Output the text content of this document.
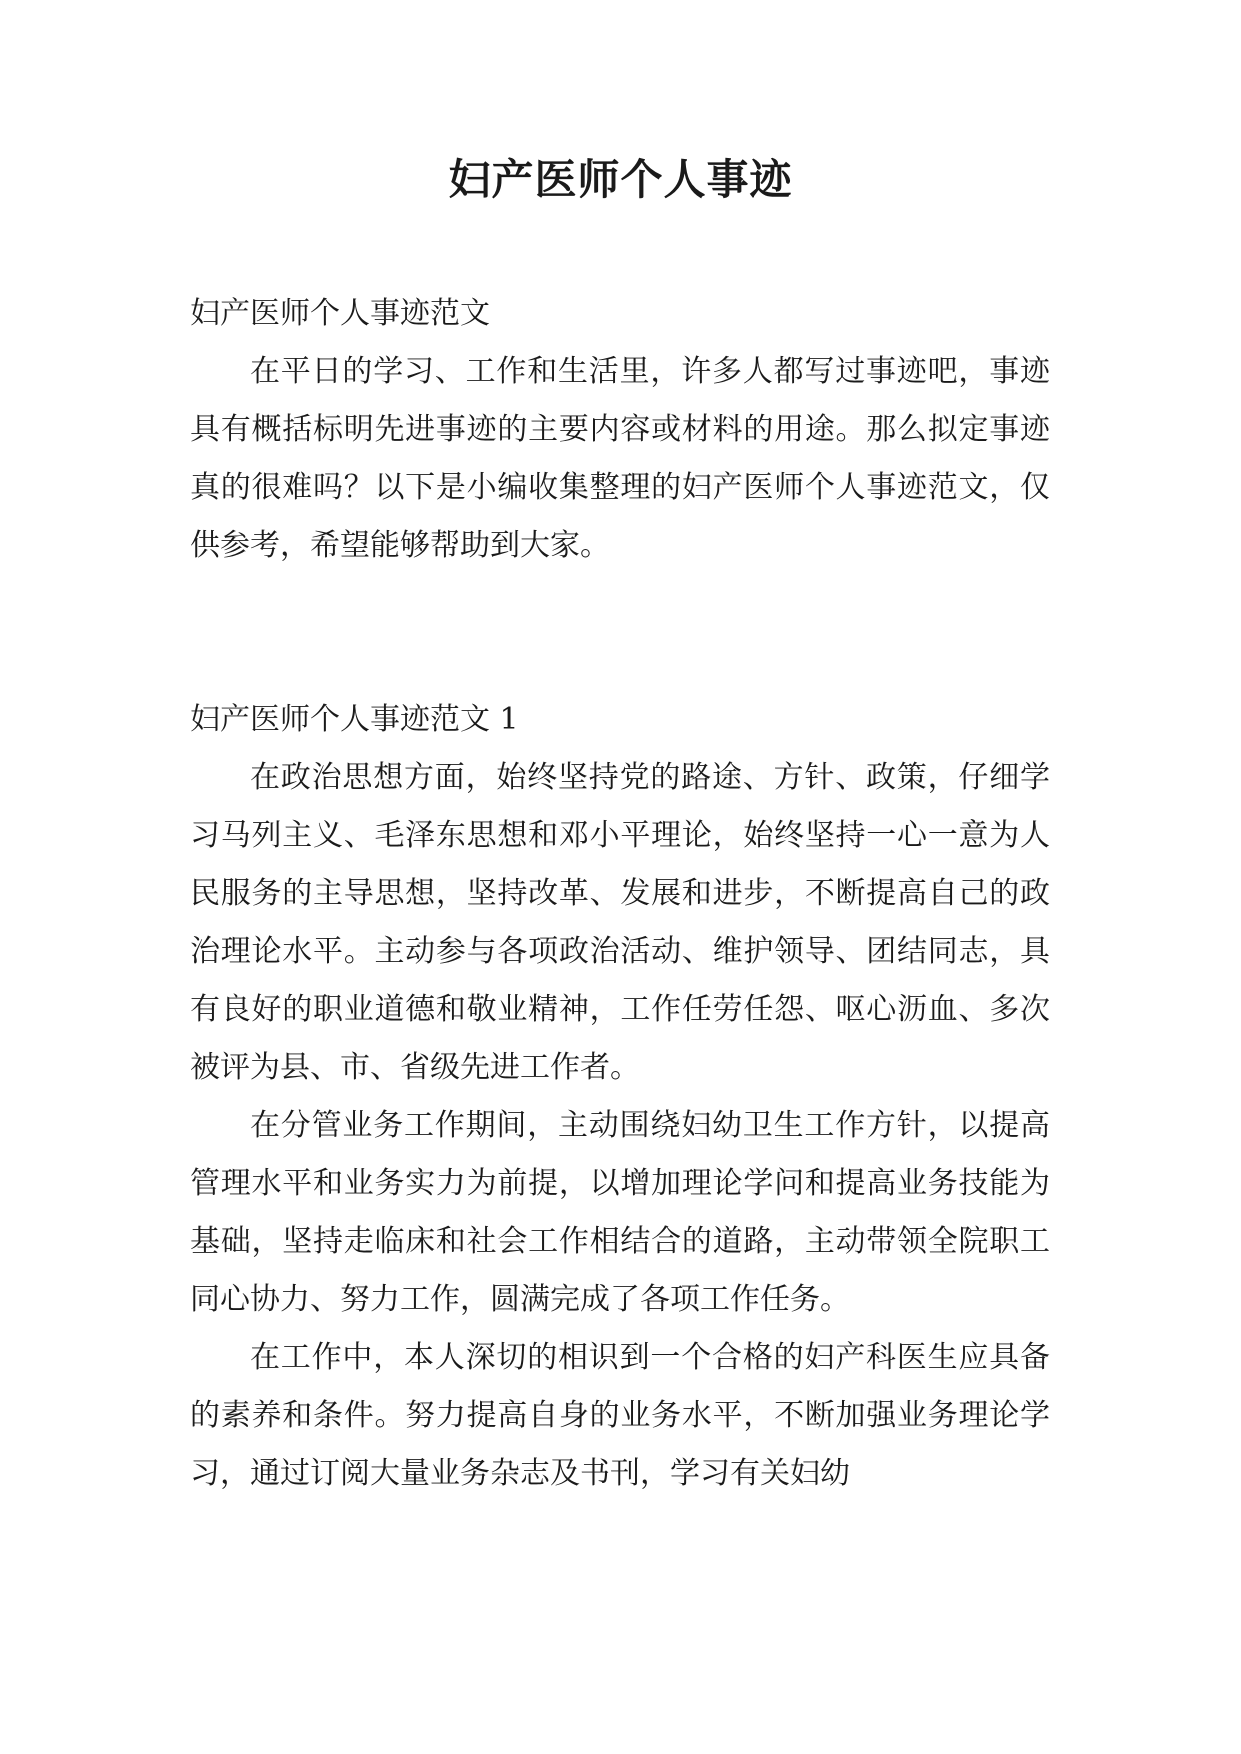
妇产医师个人事迹

妇产医师个人事迹范文

在平日的学习、工作和生活里，许多人都写过事迹吧，事迹具有概括标明先进事迹的主要内容或材料的用途。那么拟定事迹真的很难吗？以下是小编收集整理的妇产医师个人事迹范文，仅供参考，希望能够帮助到大家。

妇产医师个人事迹范文 1

在政治思想方面，始终坚持党的路途、方针、政策，仔细学习马列主义、毛泽东思想和邓小平理论，始终坚持一心一意为人民服务的主导思想，坚持改革、发展和进步，不断提高自己的政治理论水平。主动参与各项政治活动、维护领导、团结同志，具有良好的职业道德和敬业精神，工作任劳任怨、呕心沥血、多次被评为县、市、省级先进工作者。

在分管业务工作期间，主动围绕妇幼卫生工作方针，以提高管理水平和业务实力为前提，以增加理论学问和提高业务技能为基础，坚持走临床和社会工作相结合的道路，主动带领全院职工同心协力、努力工作，圆满完成了各项工作任务。

在工作中，本人深切的相识到一个合格的妇产科医生应具备的素养和条件。努力提高自身的业务水平，不断加强业务理论学习，通过订阅大量业务杂志及书刊，学习有关妇幼
